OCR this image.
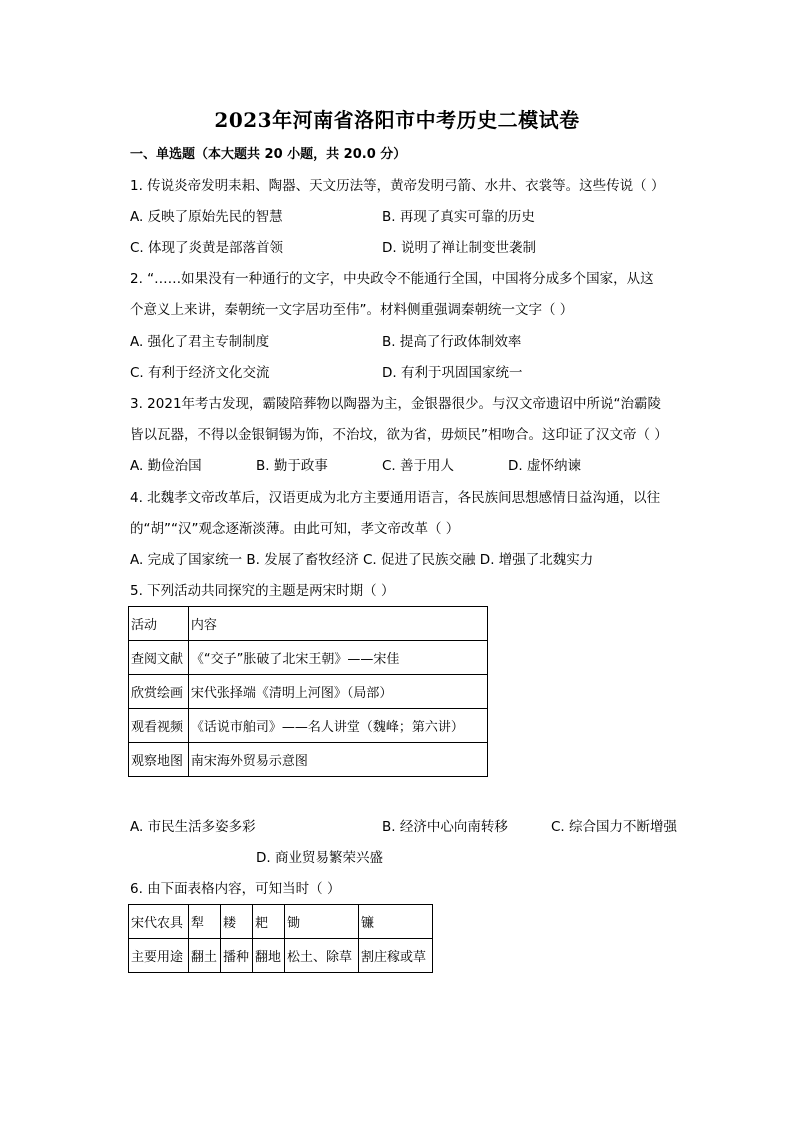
2023年河南省洛阳市中考历史二模试卷
一、单选题（本大题共 20 小题，共 20.0 分）
1. 传说炎帝发明耒耜、陶器、天文历法等，黄帝发明弓箭、水井、衣裳等。这些传说（ ）
A. 反映了原始先民的智慧	B. 再现了真实可靠的历史
C. 体现了炎黄是部落首领	D. 说明了禅让制变世袭制
2. “……如果没有一种通行的文字，中央政令不能通行全国，中国将分成多个国家，从这
个意义上来讲，秦朝统一文字居功至伟”。材料侧重强调秦朝统一文字（ ）
A. 强化了君主专制制度	B. 提高了行政体制效率
C. 有利于经济文化交流	D. 有利于巩固国家统一
3. 2021年考古发现，霸陵陪葬物以陶器为主，金银器很少。与汉文帝遗诏中所说“治霸陵
皆以瓦器，不得以金银铜锡为饰，不治坟，欲为省，毋烦民”相吻合。这印证了汉文帝（ ）
A. 勤俭治国	B. 勤于政事	C. 善于用人	D. 虚怀纳谏
4. 北魏孝文帝改革后，汉语更成为北方主要通用语言，各民族间思想感情日益沟通，以往
的“胡”“汉”观念逐渐淡薄。由此可知，孝文帝改革（ ）
A. 完成了国家统一 B. 发展了畜牧经济 C. 促进了民族交融 D. 增强了北魏实力
5. 下列活动共同探究的主题是两宋时期（ ）
活动	内容
查阅文献	《“交子”胀破了北宋王朝》——宋佳
欣赏绘画	宋代张择端《清明上河图》（局部）
观看视频	《话说市舶司》——名人讲堂（魏峰；第六讲）
观察地图	南宋海外贸易示意图
A. 市民生活多姿多彩	B. 经济中心向南转移	C. 综合国力不断增强
D. 商业贸易繁荣兴盛
6. 由下面表格内容，可知当时（ ）
宋代农具	犁	耧	耙	锄	镰
主要用途	翻土	播种	翻地	松土、除草	割庄稼或草
